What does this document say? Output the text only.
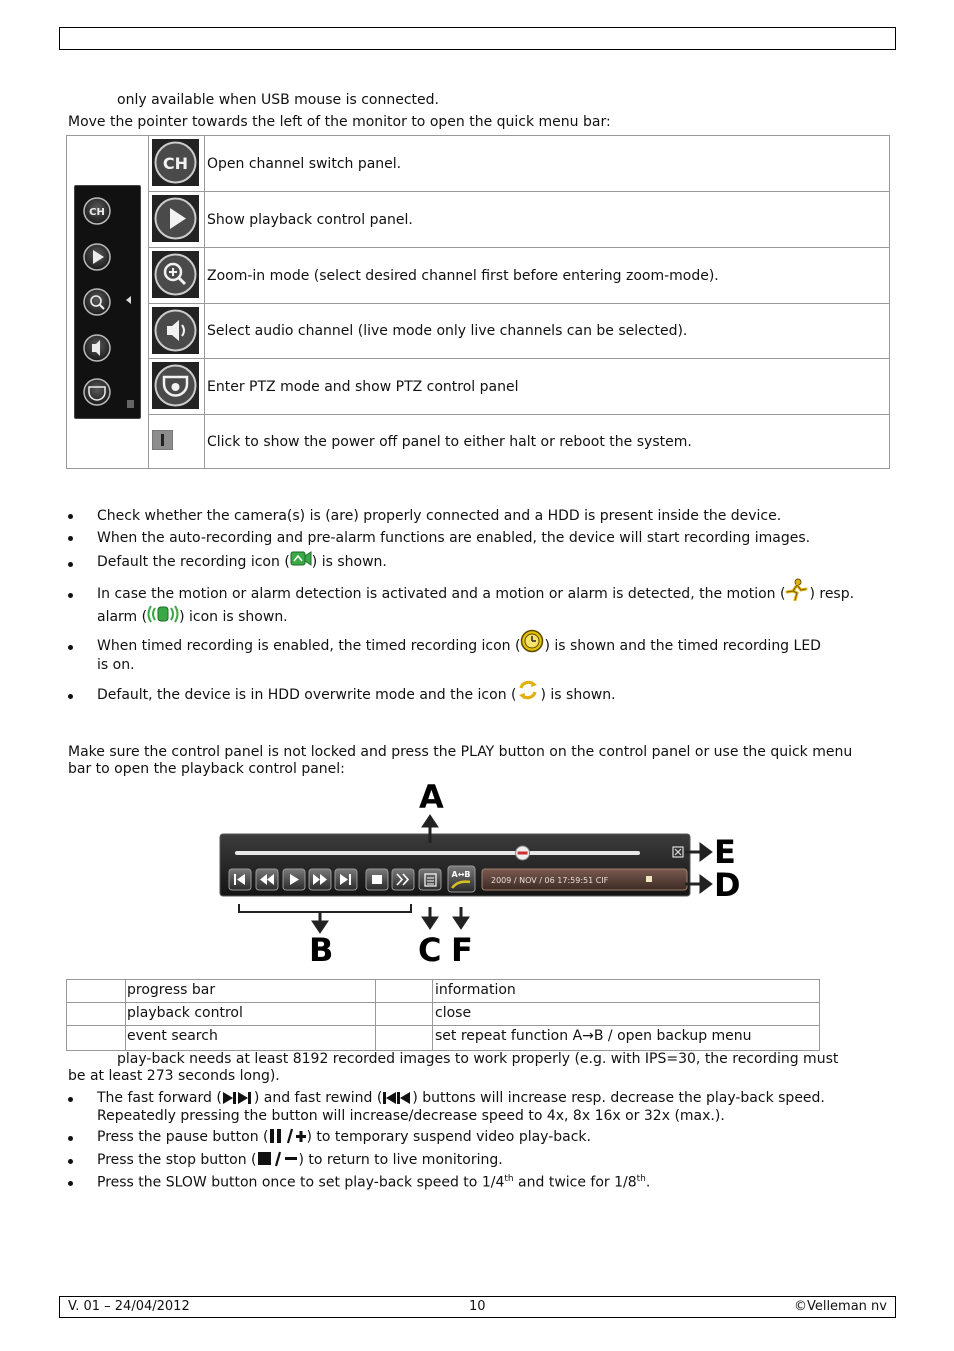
only available when USB mouse is connected.
Move the pointer towards the left of the monitor to open the quick menu bar:
CH
CH Open channel switch panel.
Show playback control panel.
Zoom-in mode (select desired channel first before entering zoom-mode).
Select audio channel (live mode only live channels can be selected).
Enter PTZ mode and show PTZ control panel
Click to show the power off panel to either halt or reboot the system.
Check whether the camera(s) is (are) properly connected and a HDD is present inside the device.
When the auto-recording and pre-alarm functions are enabled, the device will start recording images.
Default the recording icon ( ) is shown.
In case the motion or alarm detection is activated and a motion or alarm is detected, the motion ( ) resp.
alarm ( ) icon is shown.
When timed recording is enabled, the timed recording icon ( ) is shown and the timed recording LED
is on.
Default, the device is in HDD overwrite mode and the icon ( ) is shown.
Make sure the control panel is not locked and press the PLAY button on the control panel or use the quick menu
bar to open the playback control panel:
A↔B
2009 / NOV / 06 17:59:51 CIF
A
E
D
B	C F
progress bar	information
playback control	close
event search	set repeat function A→B / open backup menu
play-back needs at least 8192 recorded images to work properly (e.g. with IPS=30, the recording must
be at least 273 seconds long).
The fast forward ( ) and fast rewind ( ) buttons will increase resp. decrease the play-back speed.
Repeatedly pressing the button will increase/decrease speed to 4x, 8x 16x or 32x (max.).
Press the pause button (	) to temporary suspend video play-back.
Press the stop button (	) to return to live monitoring.
Press the SLOW button once to set play-back speed to 1/4th and twice for 1/8th.
V. 01 – 24/04/2012	10	©Velleman nv
